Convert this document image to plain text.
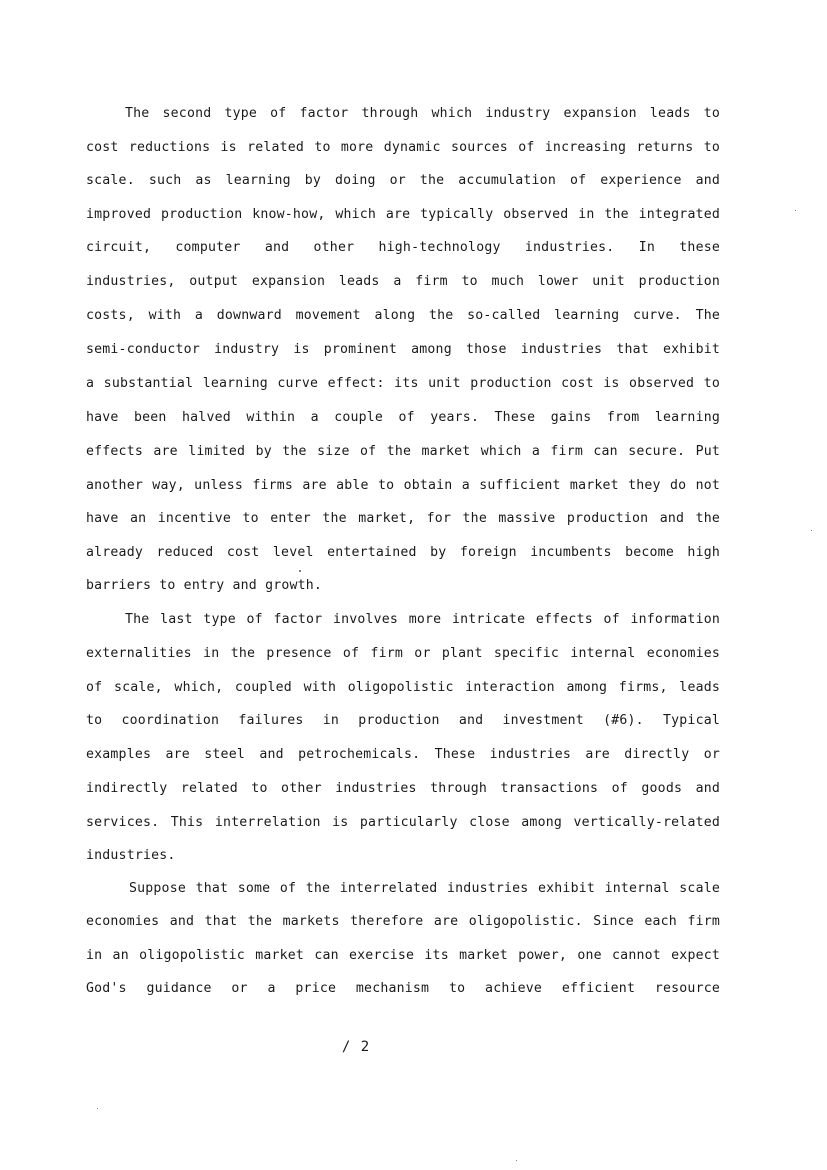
The second type of factor through which industry expansion leads to
cost reductions is related to more dynamic sources of increasing returns to
scale. such as learning by doing or the accumulation of experience and
improved production know-how, which are typically observed in the integrated
circuit, computer and other high-technology industries. In these
industries, output expansion leads a firm to much lower unit production
costs, with a downward movement along the so-called learning curve. The
semi-conductor industry is prominent among those industries that exhibit
a substantial learning curve effect: its unit production cost is observed to
have been halved within a couple of years. These gains from learning
effects are limited by the size of the market which a firm can secure. Put
another way, unless firms are able to obtain a sufficient market they do not
have an incentive to enter the market, for the massive production and the
already reduced cost level entertained by foreign incumbents become high
barriers to entry and growth.
The last type of factor involves more intricate effects of information
externalities in the presence of firm or plant specific internal economies
of scale, which, coupled with oligopolistic interaction among firms, leads
to coordination failures in production and investment (#6). Typical
examples are steel and petrochemicals. These industries are directly or
indirectly related to other industries through transactions of goods and
services. This interrelation is particularly close among vertically-related
industries.
Suppose that some of the interrelated industries exhibit internal scale
economies and that the markets therefore are oligopolistic. Since each firm
in an oligopolistic market can exercise its market power, one cannot expect
God's guidance or a price mechanism to achieve efficient resource
/ 2
